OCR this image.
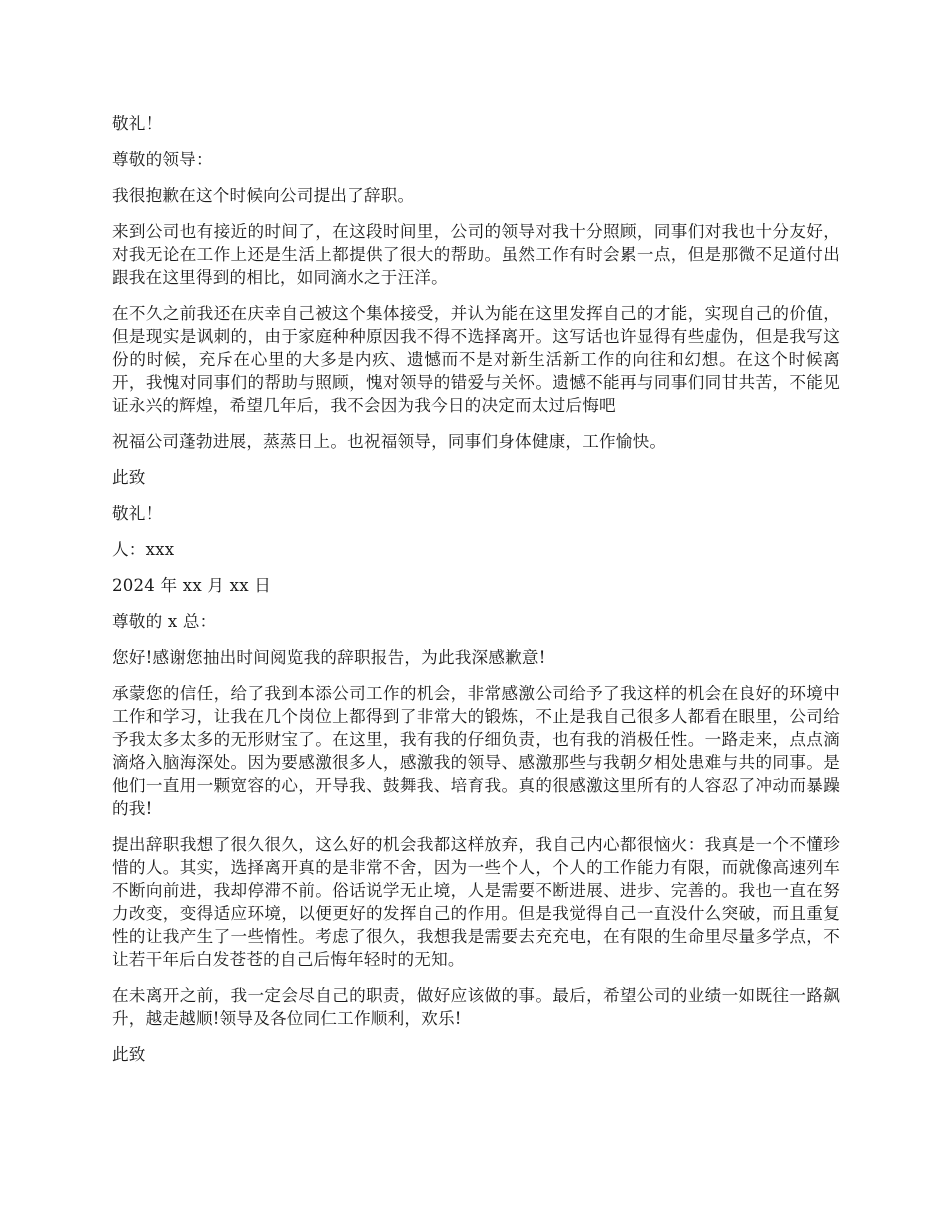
敬礼！

尊敬的领导：

我很抱歉在这个时候向公司提出了辞职。

来到公司也有接近的时间了，在这段时间里，公司的领导对我十分照顾，同事们对我也十分友好，对我无论在工作上还是生活上都提供了很大的帮助。虽然工作有时会累一点，但是那微不足道付出跟我在这里得到的相比，如同滴水之于汪洋。

在不久之前我还在庆幸自己被这个集体接受，并认为能在这里发挥自己的才能，实现自己的价值，但是现实是讽刺的，由于家庭种种原因我不得不选择离开。这写话也许显得有些虚伪，但是我写这份的时候，充斥在心里的大多是内疚、遗憾而不是对新生活新工作的向往和幻想。在这个时候离开，我愧对同事们的帮助与照顾，愧对领导的错爱与关怀。遗憾不能再与同事们同甘共苦，不能见证永兴的辉煌，希望几年后，我不会因为我今日的决定而太过后悔吧

祝福公司蓬勃进展，蒸蒸日上。也祝福领导，同事们身体健康，工作愉快。

此致

敬礼！

人：xxx

2024 年 xx 月 xx 日

尊敬的 x 总：

您好!感谢您抽出时间阅览我的辞职报告，为此我深感歉意!

承蒙您的信任，给了我到本添公司工作的机会，非常感激公司给予了我这样的机会在良好的环境中工作和学习，让我在几个岗位上都得到了非常大的锻炼，不止是我自己很多人都看在眼里，公司给予我太多太多的无形财宝了。在这里，我有我的仔细负责，也有我的消极任性。一路走来，点点滴滴烙入脑海深处。因为要感激很多人，感激我的领导、感激那些与我朝夕相处患难与共的同事。是他们一直用一颗宽容的心，开导我、鼓舞我、培育我。真的很感激这里所有的人容忍了冲动而暴躁的我!

提出辞职我想了很久很久，这么好的机会我都这样放弃，我自己内心都很恼火：我真是一个不懂珍惜的人。其实，选择离开真的是非常不舍，因为一些个人，个人的工作能力有限，而就像高速列车不断向前进，我却停滞不前。俗话说学无止境，人是需要不断进展、进步、完善的。我也一直在努力改变，变得适应环境，以便更好的发挥自己的作用。但是我觉得自己一直没什么突破，而且重复性的让我产生了一些惰性。考虑了很久，我想我是需要去充充电，在有限的生命里尽量多学点，不让若干年后白发苍苍的自己后悔年轻时的无知。

在未离开之前，我一定会尽自己的职责，做好应该做的事。最后，希望公司的业绩一如既往一路飙升，越走越顺!领导及各位同仁工作顺利，欢乐!

此致
